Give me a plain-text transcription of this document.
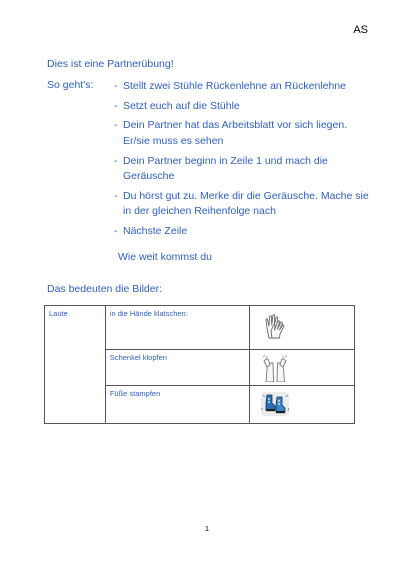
AS
Dies ist eine Partnerübung!
So geht's: - Stellt zwei Stühle Rückenlehne an Rückenlehne
- Setzt euch auf die Stühle
- Dein Partner hat das Arbeitsblatt vor sich liegen. Er/sie muss es sehen
- Dein Partner beginn in Zeile 1 und mach die Geräusche
- Du hörst gut zu. Merke dir die Geräusche. Mache sie in der gleichen Reihenfolge nach
- Nächste Zeile
Wie weit kommst du
Das bedeuten die Bilder:
Laute	in die Hände klatschen:	

	Schenkel klopfen	

	Füße stampfen	
1
